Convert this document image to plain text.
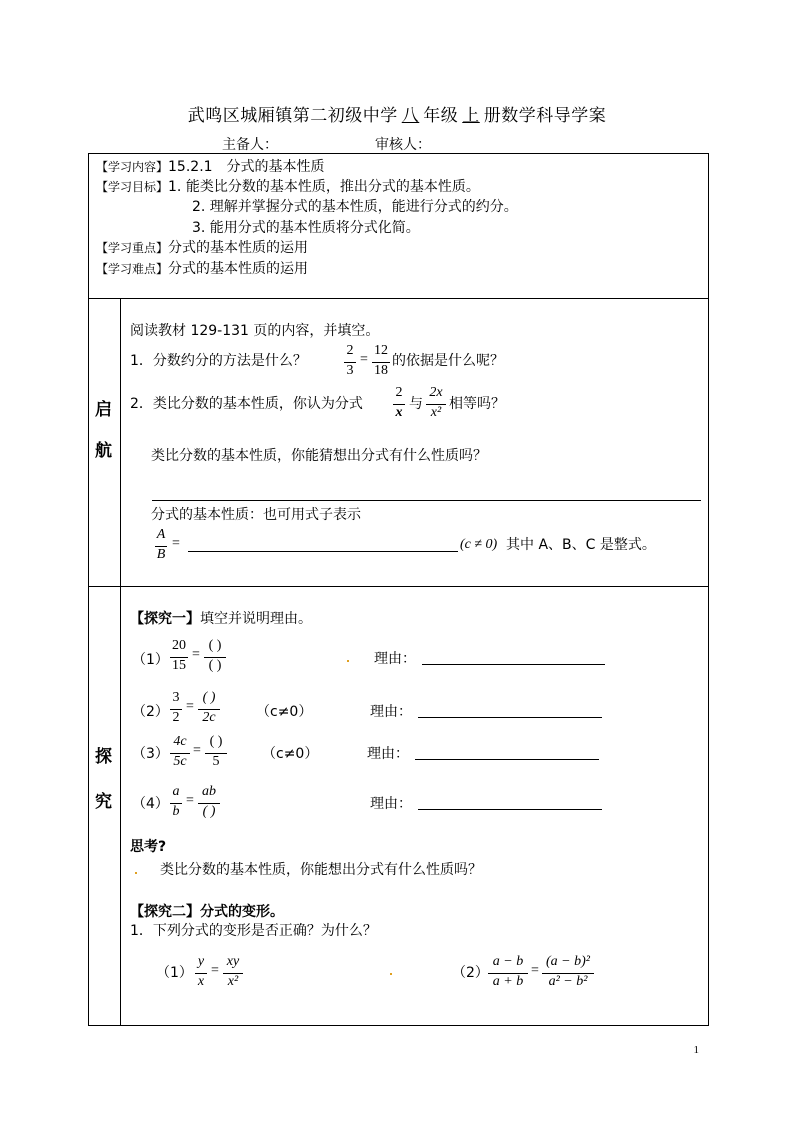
武鸣区城厢镇第二初级中学 八 年级 上 册数学科导学案
主备人：	审核人：
【学习内容】15.2.1　分式的基本性质
【学习目标】1. 能类比分数的基本性质，推出分式的基本性质。
2. 理解并掌握分式的基本性质，能进行分式的约分。
3. 能用分式的基本性质将分式化简。
【学习重点】分式的基本性质的运用
【学习难点】分式的基本性质的运用
启
航
阅读教材 129-131 页的内容，并填空。
1．分数约分的方法是什么？
2
3
=
12
18
的依据是什么呢？
2．类比分数的基本性质，你认为分式
2
x
与
2x
x²
相等吗？
类比分数的基本性质，你能猜想出分式有什么性质吗？
分式的基本性质：也可用式子表示
A
B
=	(c ≠ 0) 其中 A、B、C 是整式。
探
究
【探究一】填空并说明理由。
（1）
20
15
=
( )
( )	理由：
（2）
3
2
=
( )
2c	（c≠0）	理由：
（3）
4c
5c
=
( )
5	（c≠0）	理由：
（4）
a
b
=
ab
( )	理由：
思考?
类比分数的基本性质，你能想出分式有什么性质吗？
【探究二】分式的变形。
1．下列分式的变形是否正确？为什么？
（1）
y
x
=
xy
x²
（2）
a − b
a + b
=
(a − b)²
a² − b²
1
